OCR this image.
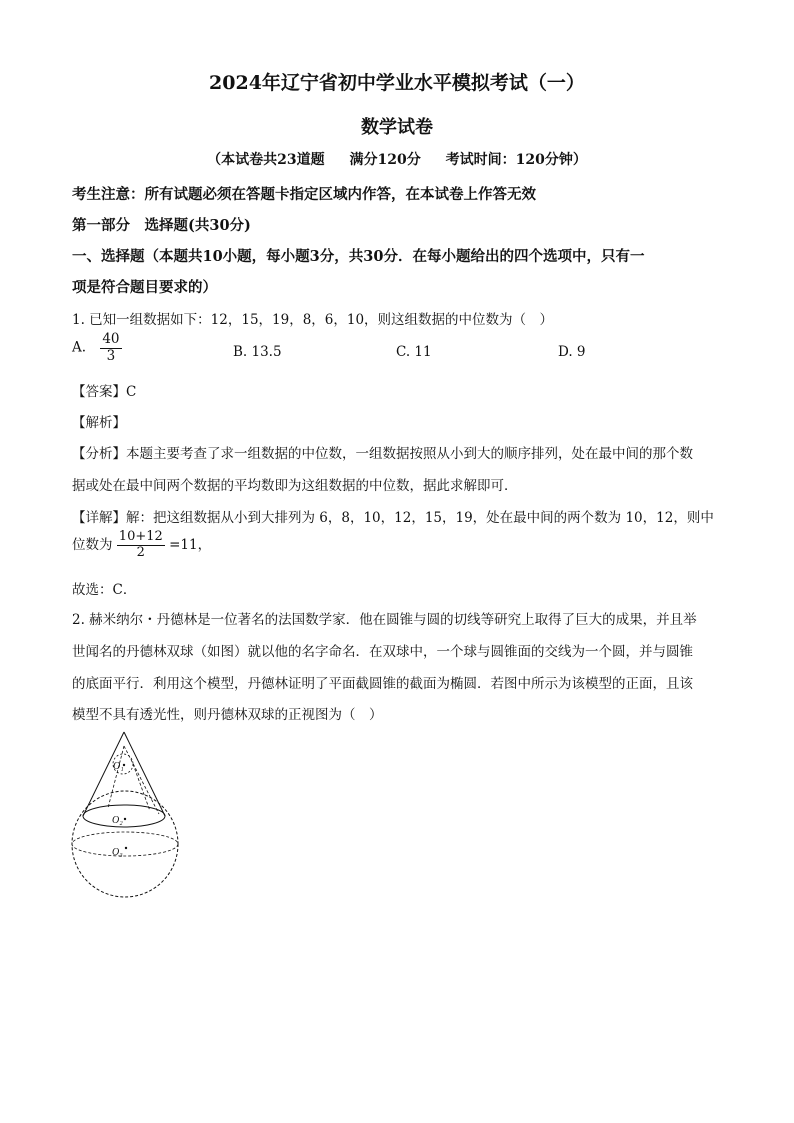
2024年辽宁省初中学业水平模拟考试（一）
数学试卷
（本试卷共23道题 满分120分 考试时间：120分钟）
考生注意：所有试题必须在答题卡指定区域内作答，在本试卷上作答无效
第一部分　选择题(共30分)
一、选择题（本题共10小题，每小题3分，共30分．在每小题给出的四个选项中，只有一
项是符合题目要求的）
1. 已知一组数据如下：12，15，19，8，6，10，则这组数据的中位数为（　）
A. $\frac{40}{3}$	B. 13.5	C. 11	D. 9
【答案】C
【解析】
【分析】本题主要考查了求一组数据的中位数，一组数据按照从小到大的顺序排列，处在最中间的那个数
据或处在最中间两个数据的平均数即为这组数据的中位数，据此求解即可．
【详解】解：把这组数据从小到大排列为 6，8，10，12，15，19，处在最中间的两个数为 10，12，则中
位数为 $\frac{10+12}{2} =11$，
故选：C．
2. 赫米纳尔・丹德林是一位著名的法国数学家．他在圆锥与圆的切线等研究上取得了巨大的成果，并且举
世闻名的丹德林双球（如图）就以他的名字命名．在双球中，一个球与圆锥面的交线为一个圆，并与圆锥
的底面平行．利用这个模型，丹德林证明了平面截圆锥的截面为椭圆．若图中所示为该模型的正面，且该
模型不具有透光性，则丹德林双球的正视图为（　）
O₁
O₂
O₃
